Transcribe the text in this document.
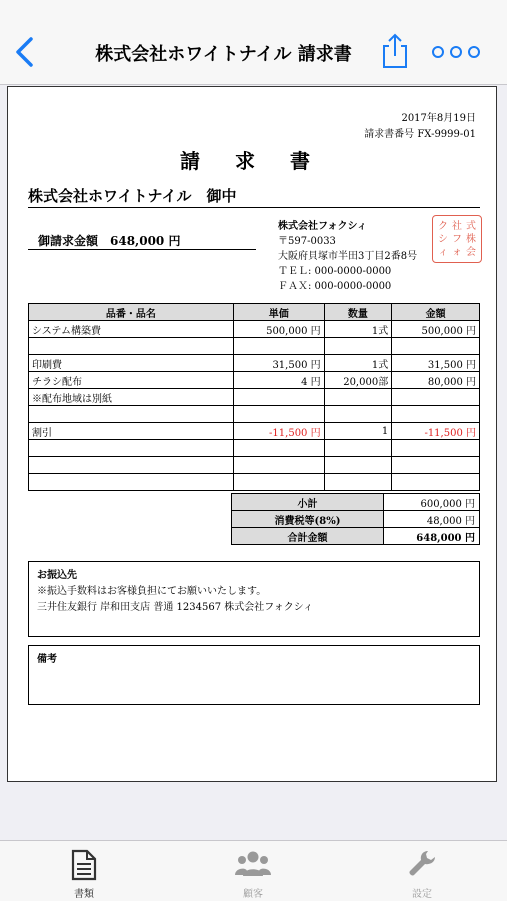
株式会社ホワイトナイル 請求書
2017年8月19日
請求書番号 FX-9999-01
請 求 書
株式会社ホワイトナイル　御中
御請求金額　648,000 円
株式会社フォクシィ
〒597-0033
大阪府貝塚市半田3丁目2番8号
ＴＥＬ: 000-0000-0000
ＦＡＸ: 000-0000-0000
ク 社 式
シ フ 株
ィ ォ 会
品番・品名	単価	数量	金額
システム構築費	500,000 円	1式	500,000 円

印刷費	31,500 円	1式	31,500 円
チラシ配布	4 円	20,000部	80,000 円
※配布地域は別紙			

割引	-11,500 円	1	-11,500 円

小計	600,000 円
消費税等(8%)	48,000 円
合計金額	648,000 円
お振込先
※振込手数料はお客様負担にてお願いいたします。
三井住友銀行 岸和田支店 普通 1234567 株式会社フォクシィ
備考
書類	顧客	設定
